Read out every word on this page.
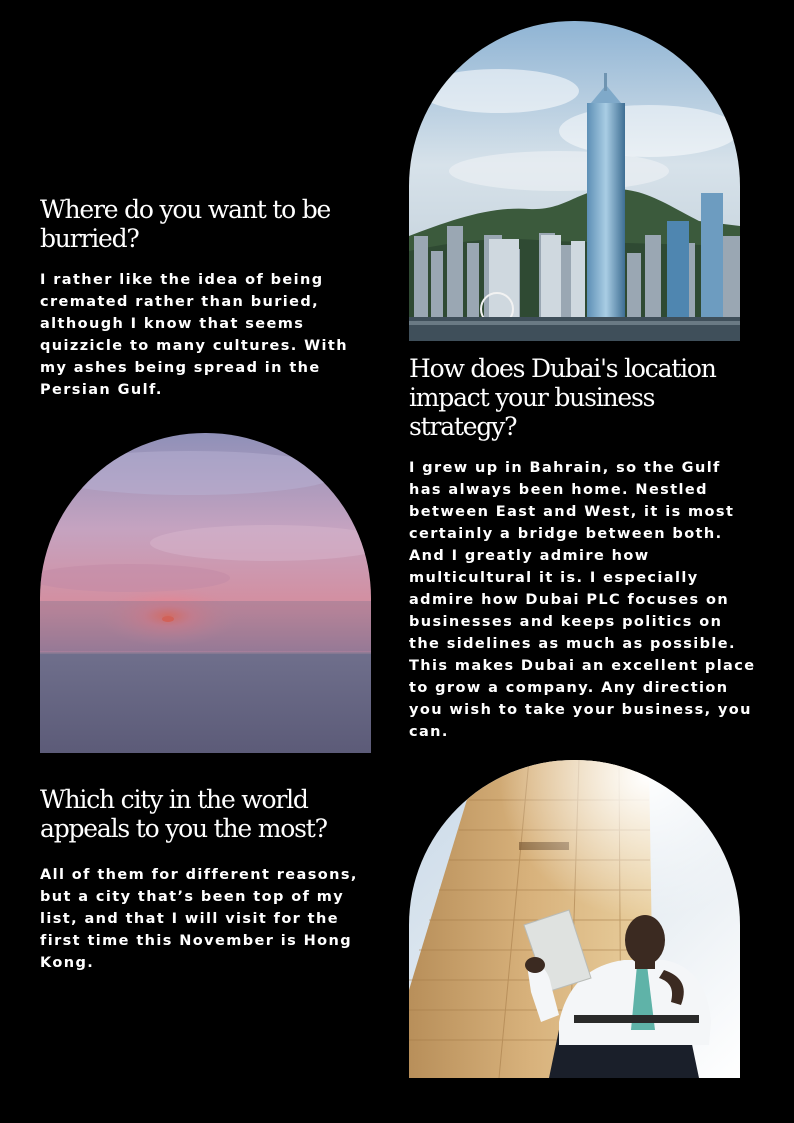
Where do you want to be burried?

I rather like the idea of being cremated rather than buried, although I know that seems quizzicle to many cultures. With my ashes being spread in the Persian Gulf.

How does Dubai's location impact your business strategy?

I grew up in Bahrain, so the Gulf has always been home. Nestled between East and West, it is most certainly a bridge between both. And I greatly admire how multicultural it is. I especially admire how Dubai PLC focuses on businesses and keeps politics on the sidelines as much as possible. This makes Dubai an excellent place to grow a company. Any direction you wish to take your business, you can.

Which city in the world appeals to you the most?

All of them for different reasons, but a city that’s been top of my list, and that I will visit for the first time this November is Hong Kong.
